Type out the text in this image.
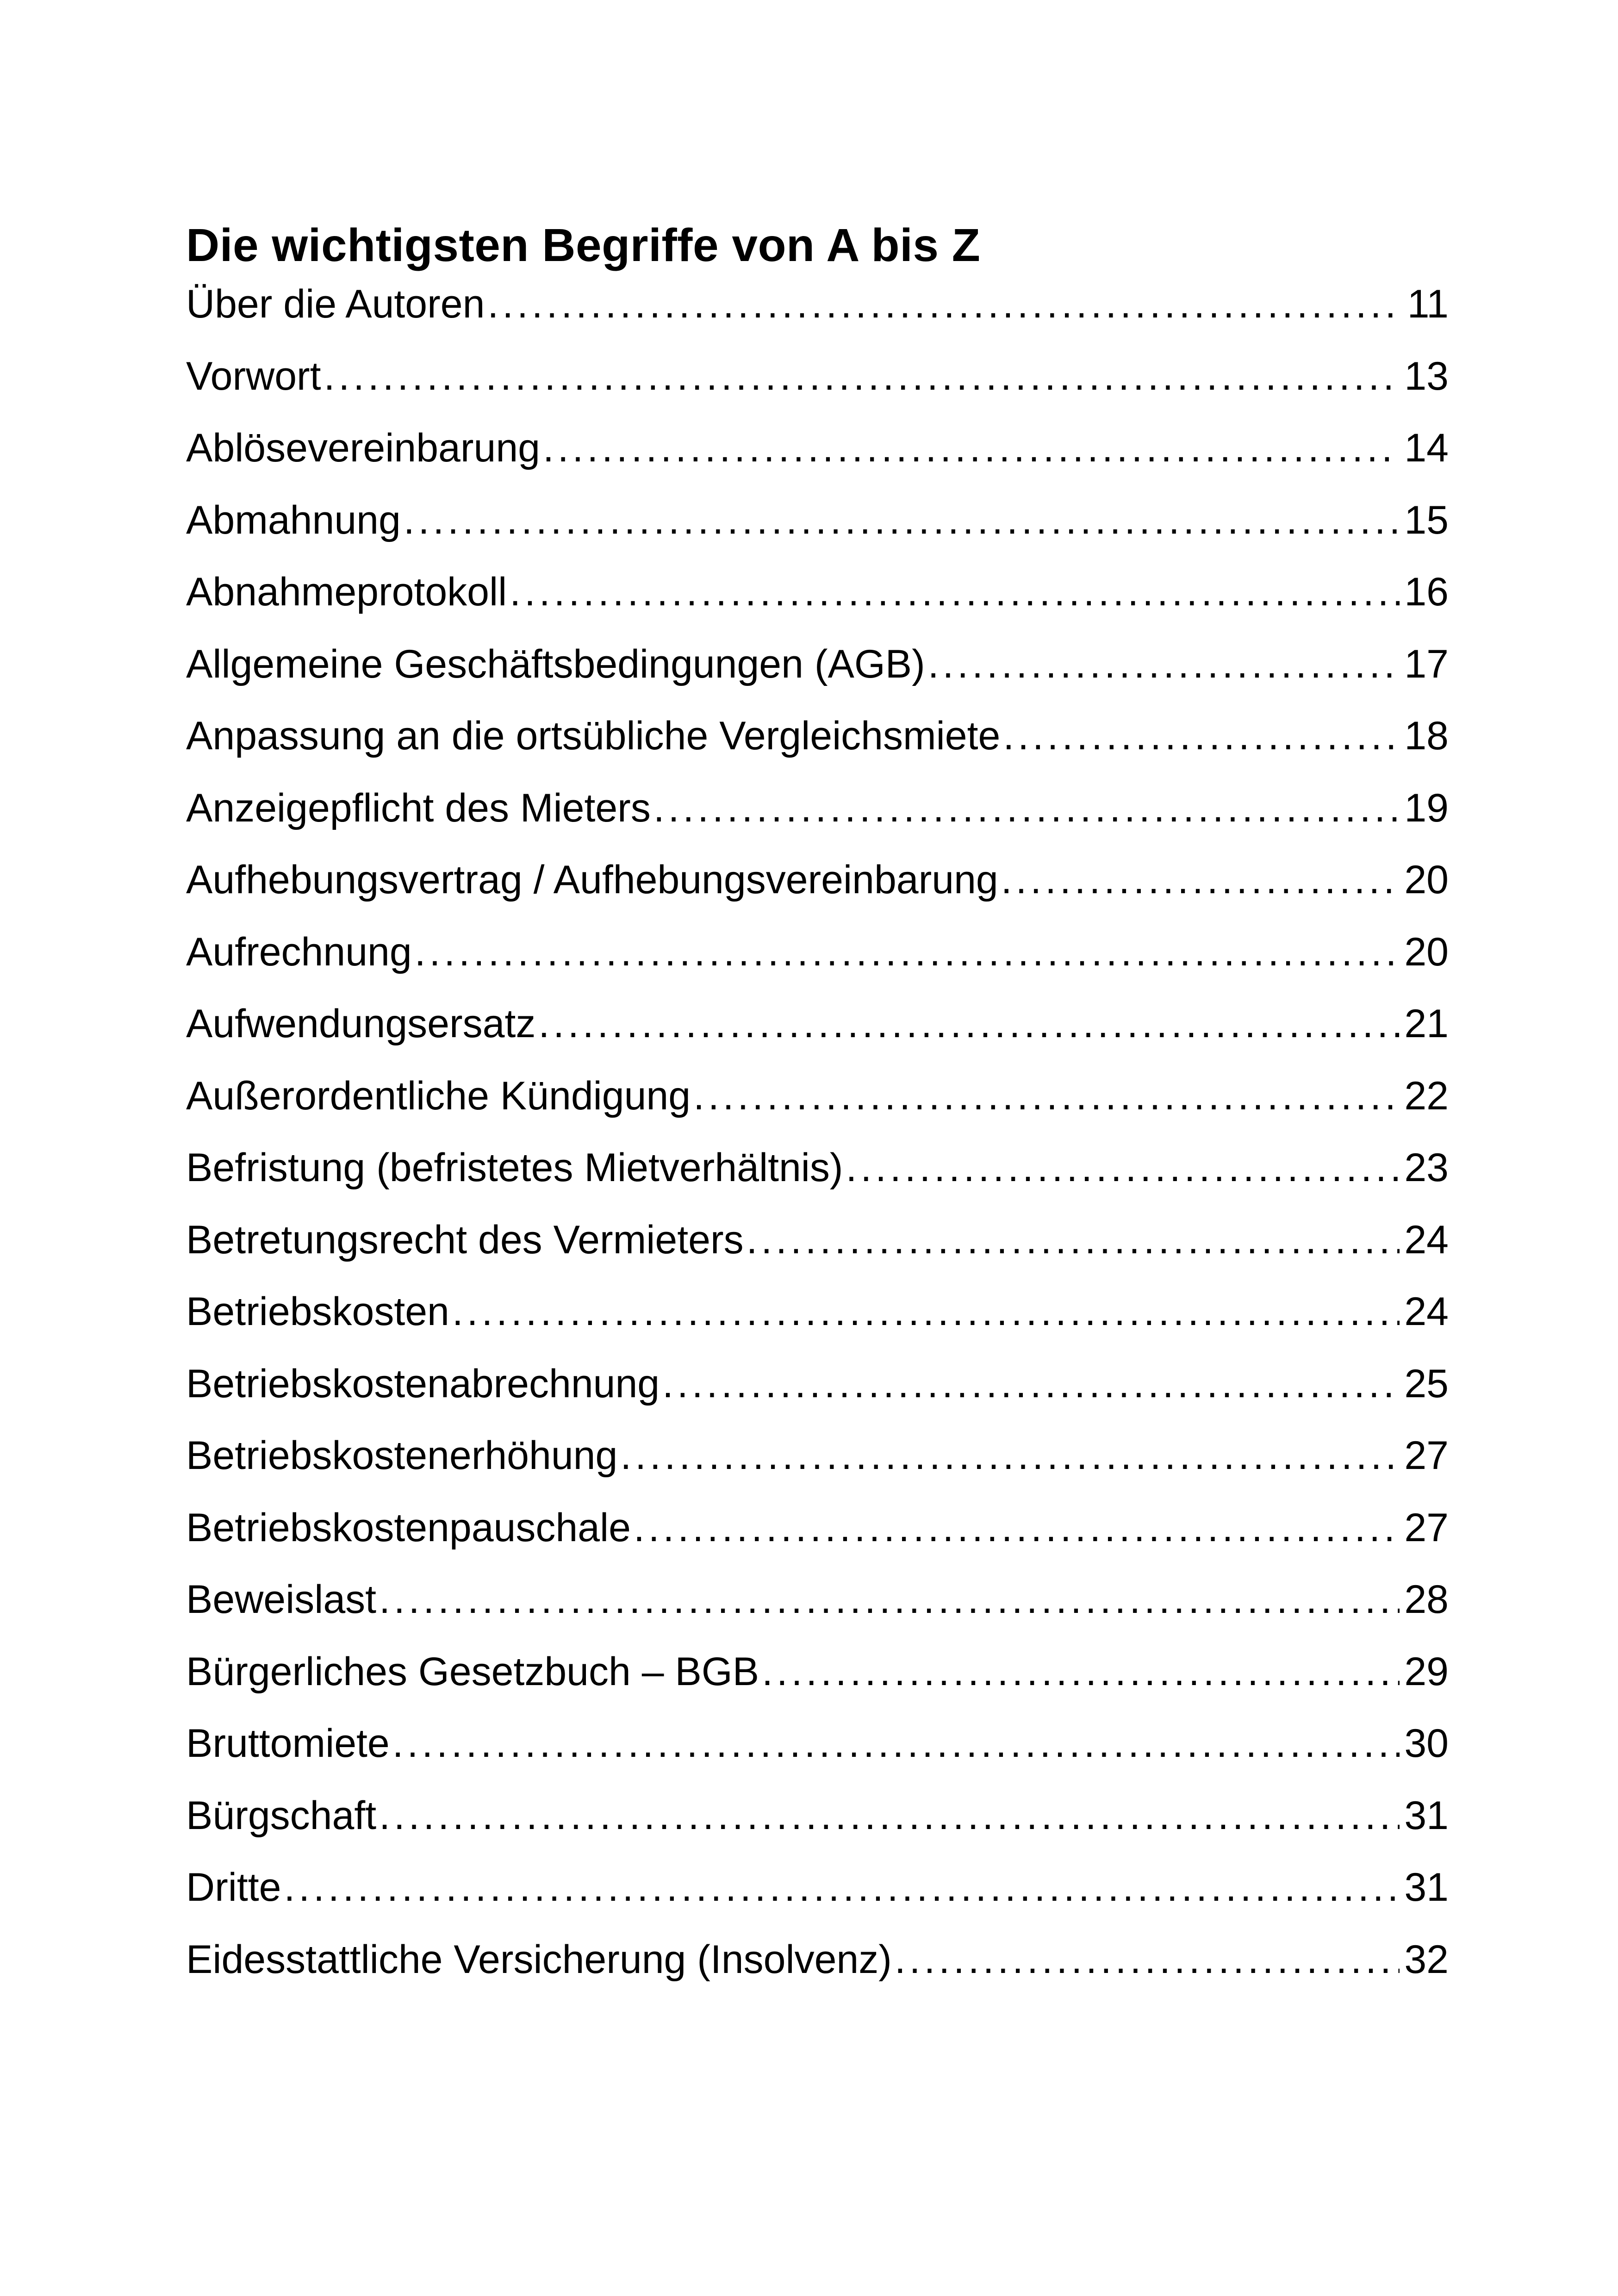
Die wichtigsten Begriffe von A bis Z
Über die Autoren . . .	11
Vorwort . . .	13
Ablösevereinbarung . . .	14
Abmahnung . . .	15
Abnahmeprotokoll . . .	16
Allgemeine Geschäftsbedingungen (AGB) . . .	17
Anpassung an die ortsübliche Vergleichsmiete . . .	18
Anzeigepflicht des Mieters . . .	19
Aufhebungsvertrag / Aufhebungsvereinbarung . . .	20
Aufrechnung . . .	20
Aufwendungsersatz . . .	21
Außerordentliche Kündigung . . .	22
Befristung (befristetes Mietverhältnis) . . .	23
Betretungsrecht des Vermieters . . .	24
Betriebskosten . . .	24
Betriebskostenabrechnung . . .	25
Betriebskostenerhöhung . . .	27
Betriebskostenpauschale . . .	27
Beweislast . . .	28
Bürgerliches Gesetzbuch – BGB . . .	29
Bruttomiete . . .	30
Bürgschaft . . .	31
Dritte . . .	31
Eidesstattliche Versicherung (Insolvenz) . . .	32
